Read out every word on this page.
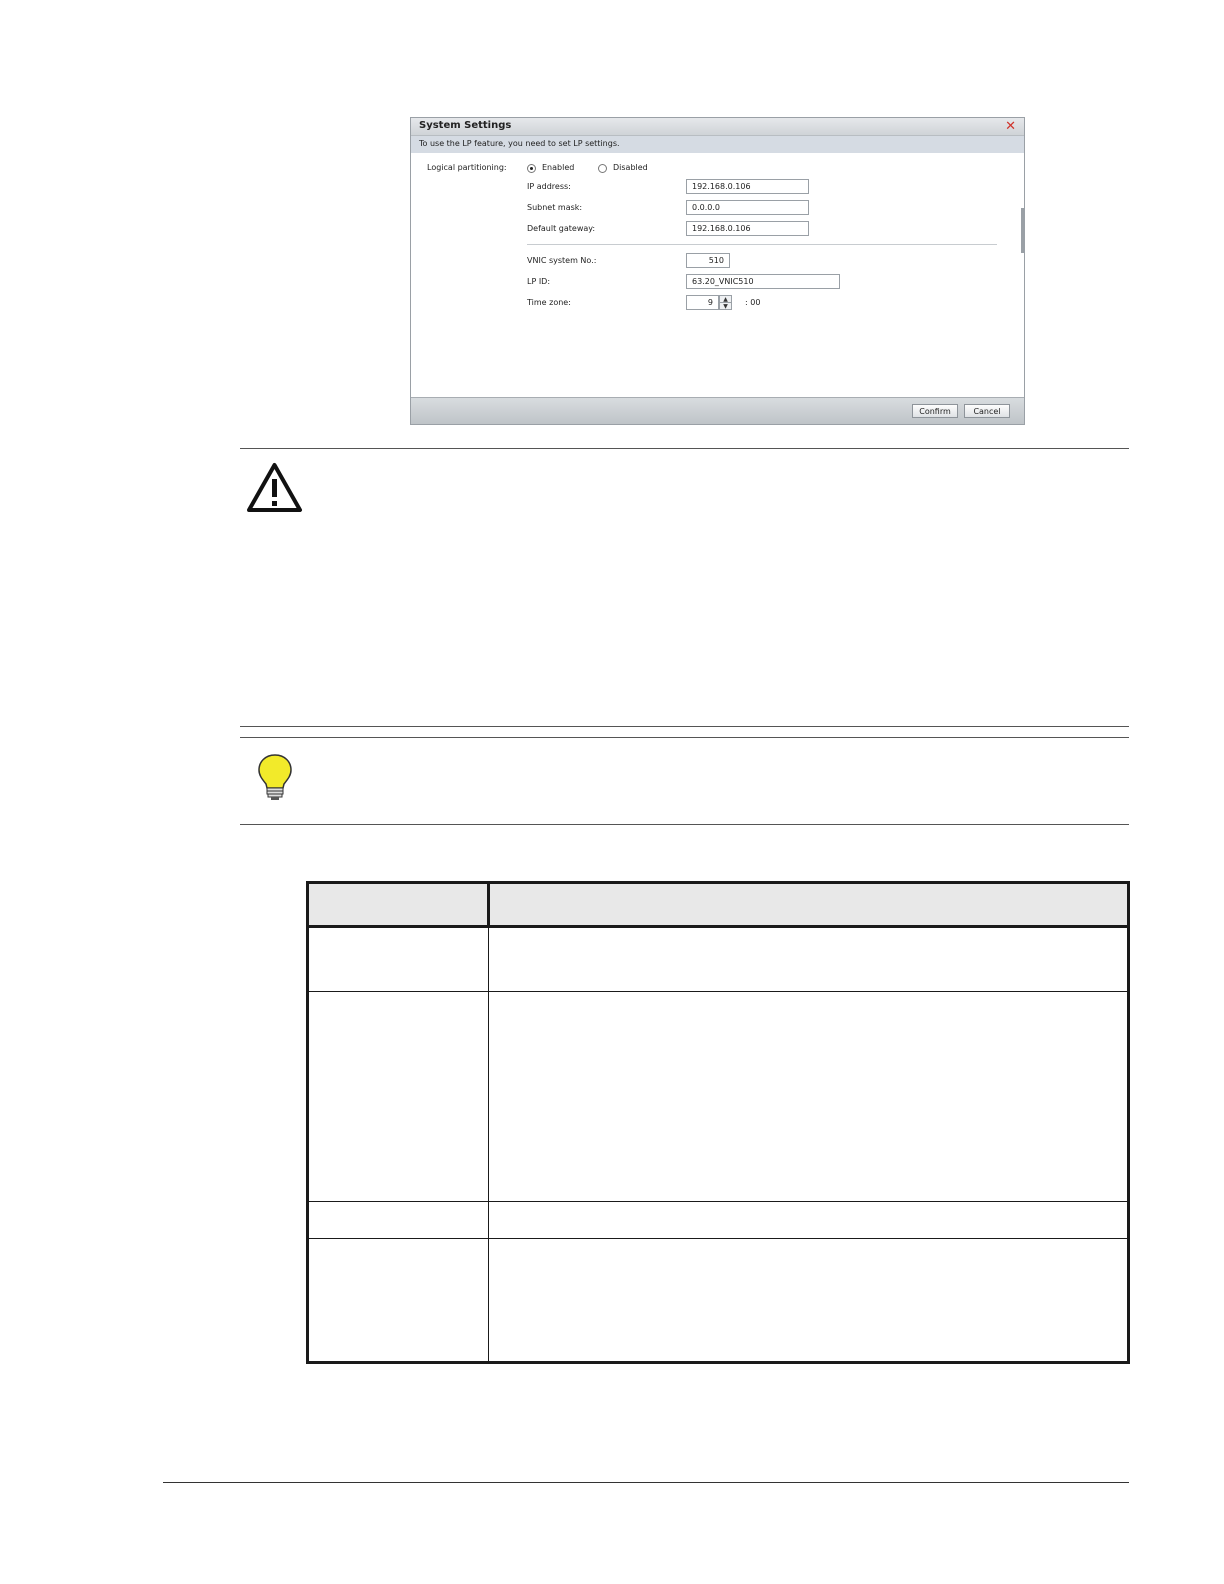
System Settings	✕
To use the LP feature, you need to set LP settings.
Logical partitioning:	Enabled	Disabled
IP address:	192.168.0.106
Subnet mask:	0.0.0.0
Default gateway:	192.168.0.106
VNIC system No.:	510
LP ID:	63.20_VNIC510
Time zone:	9	▲
▼	: 00
Confirm	Cancel
